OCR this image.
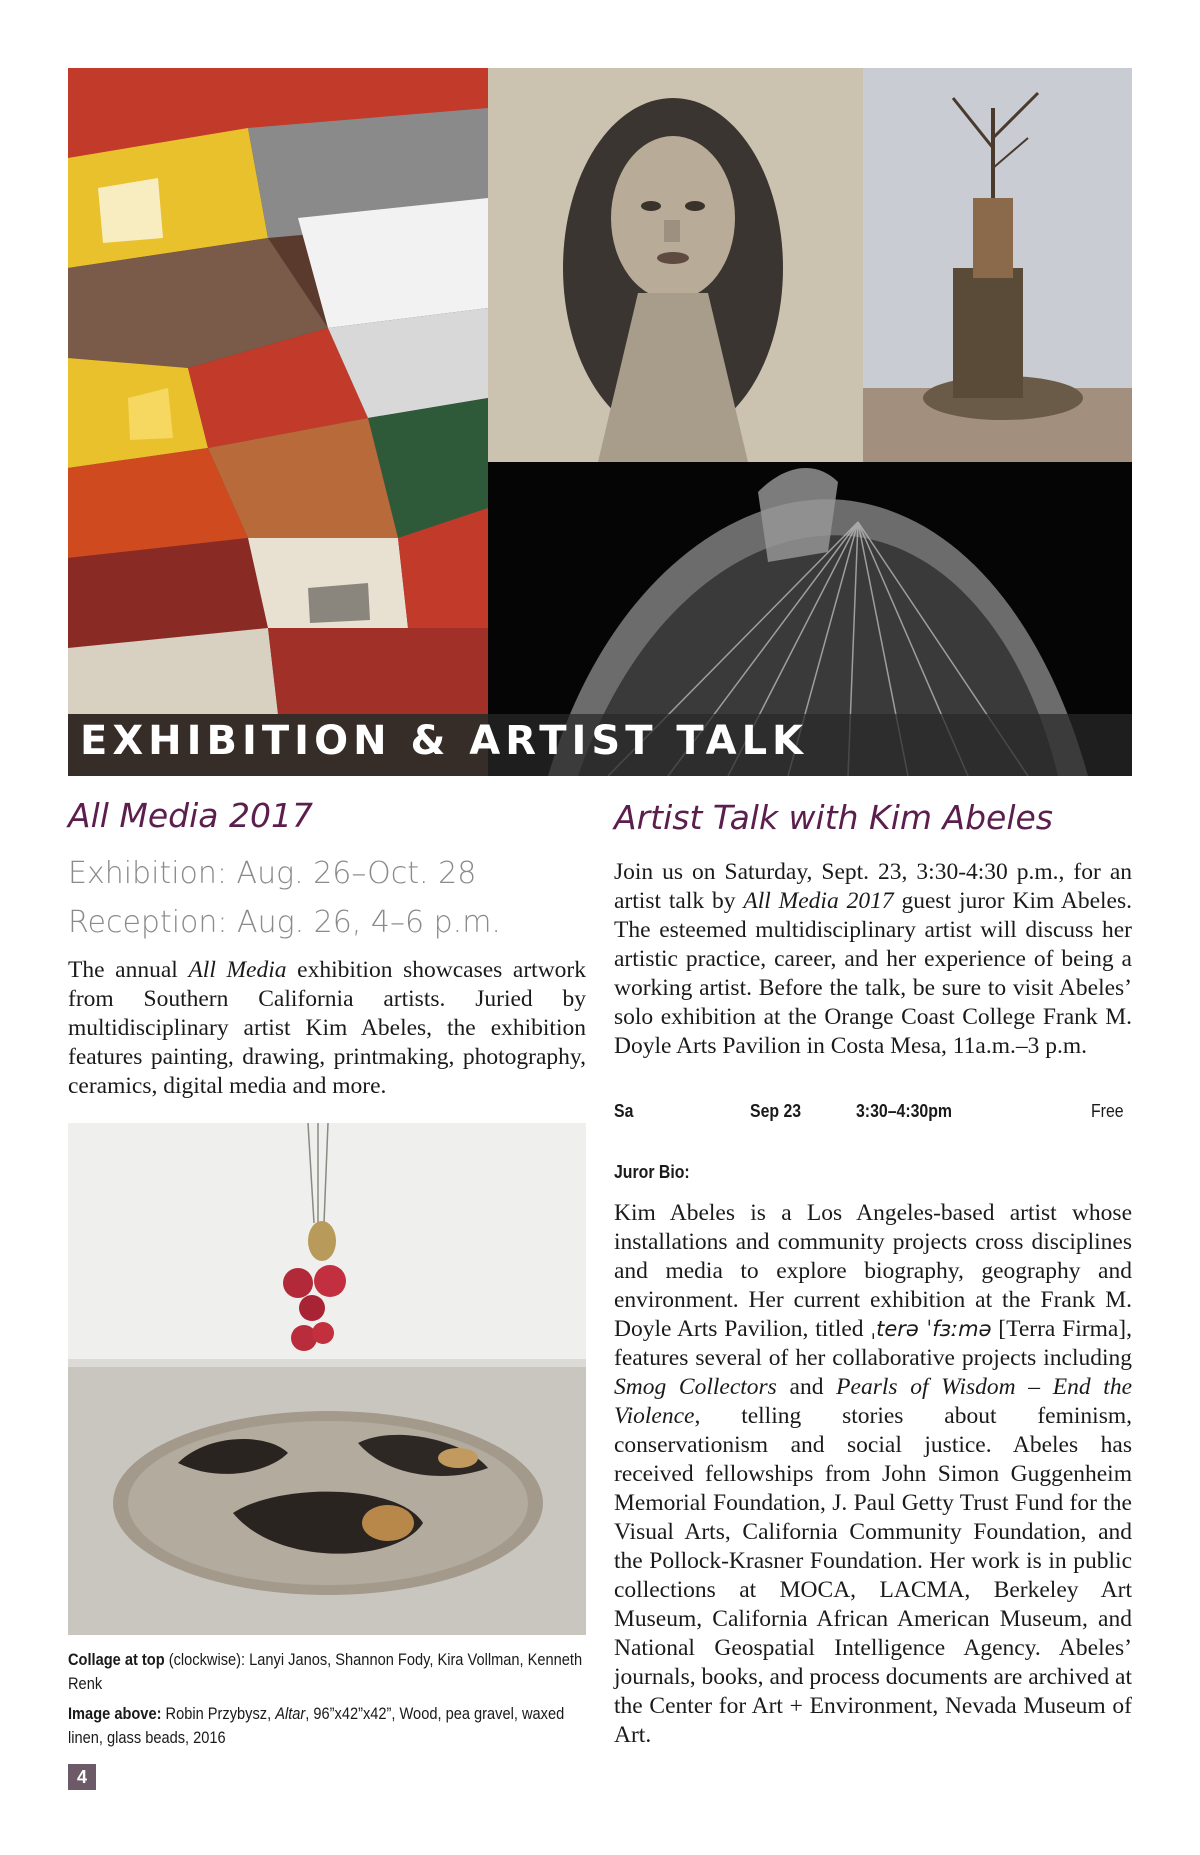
EXHIBITION & ARTIST TALK
All Media 2017
Exhibition: Aug. 26–Oct. 28
Reception: Aug. 26, 4–6 p.m.
The annual All Media exhibition showcases artwork from Southern California artists. Juried by multidisciplinary artist Kim Abeles, the exhibition features painting, drawing, printmaking, photography, ceramics, digital media and more.
Collage at top (clockwise): Lanyi Janos, Shannon Fody, Kira Vollman, Kenneth Renk
Image above: Robin Przybysz, Altar, 96”x42”x42”, Wood, pea gravel, waxed linen, glass beads, 2016
4
Artist Talk with Kim Abeles
Join us on Saturday, Sept. 23, 3:30-4:30 p.m., for an artist talk by All Media 2017 guest juror Kim Abeles. The esteemed multidisciplinary artist will discuss her artistic practice, career, and her experience of being a working artist. Before the talk, be sure to visit Abeles’ solo exhibition at the Orange Coast College Frank M. Doyle Arts Pavilion in Costa Mesa, 11a.m.–3 p.m.
Sa	Sep 23	3:30–4:30pm	Free
Juror Bio:
Kim Abeles is a Los Angeles-based artist whose installations and community projects cross disciplines and media to explore biography, geography and environment. Her current exhibition at the Frank M. Doyle Arts Pavilion, titled ˌterə ˈfɜːmə [Terra Firma], features several of her collaborative projects including Smog Collectors and Pearls of Wisdom – End the Violence, telling stories about feminism, conservationism and social justice. Abeles has received fellowships from John Simon Guggenheim Memorial Foundation, J. Paul Getty Trust Fund for the Visual Arts, California Community Foundation, and the Pollock-Krasner Foundation. Her work is in public collections at MOCA, LACMA, Berkeley Art Museum, California African American Museum, and National Geospatial Intelligence Agency. Abeles’ journals, books, and process documents are archived at the Center for Art + Environment, Nevada Museum of Art.
